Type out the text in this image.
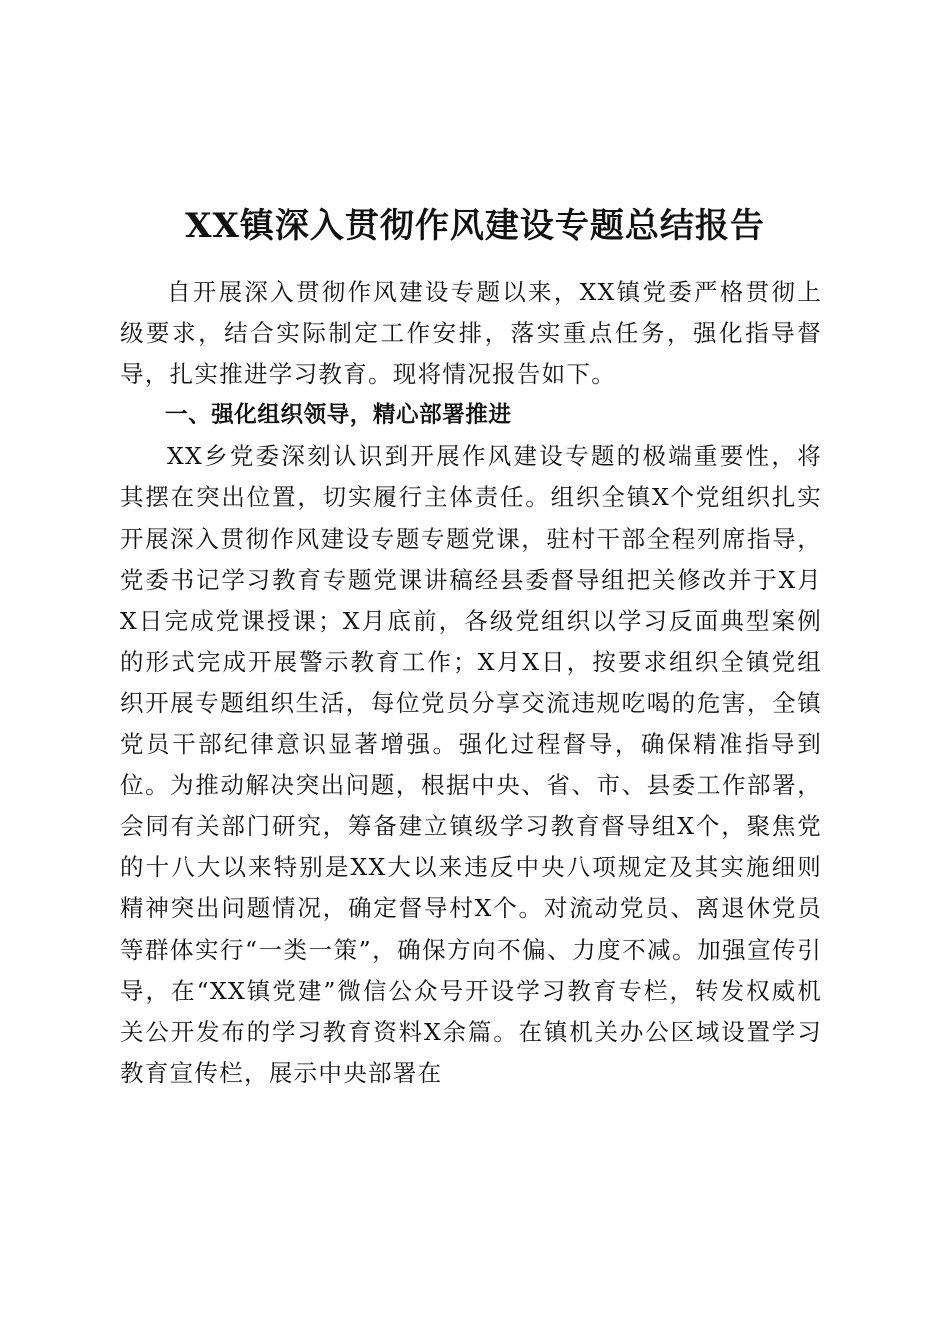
XX镇深入贯彻作风建设专题总结报告

自开展深入贯彻作风建设专题以来，XX镇党委严格贯彻上级要求，结合实际制定工作安排，落实重点任务，强化指导督导，扎实推进学习教育。现将情况报告如下。

一、强化组织领导，精心部署推进

XX乡党委深刻认识到开展作风建设专题的极端重要性，将其摆在突出位置，切实履行主体责任。组织全镇X个党组织扎实开展深入贯彻作风建设专题专题党课，驻村干部全程列席指导，党委书记学习教育专题党课讲稿经县委督导组把关修改并于X月X日完成党课授课；X月底前，各级党组织以学习反面典型案例的形式完成开展警示教育工作；X月X日，按要求组织全镇党组织开展专题组织生活，每位党员分享交流违规吃喝的危害，全镇党员干部纪律意识显著增强。强化过程督导，确保精准指导到位。为推动解决突出问题，根据中央、省、市、县委工作部署，会同有关部门研究，筹备建立镇级学习教育督导组X个，聚焦党的十八大以来特别是XX大以来违反中央八项规定及其实施细则精神突出问题情况，确定督导村X个。对流动党员、离退休党员等群体实行“一类一策”，确保方向不偏、力度不减。加强宣传引导，在“XX镇党建”微信公众号开设学习教育专栏，转发权威机关公开发布的学习教育资料X余篇。在镇机关办公区域设置学习教育宣传栏，展示中央部署在
